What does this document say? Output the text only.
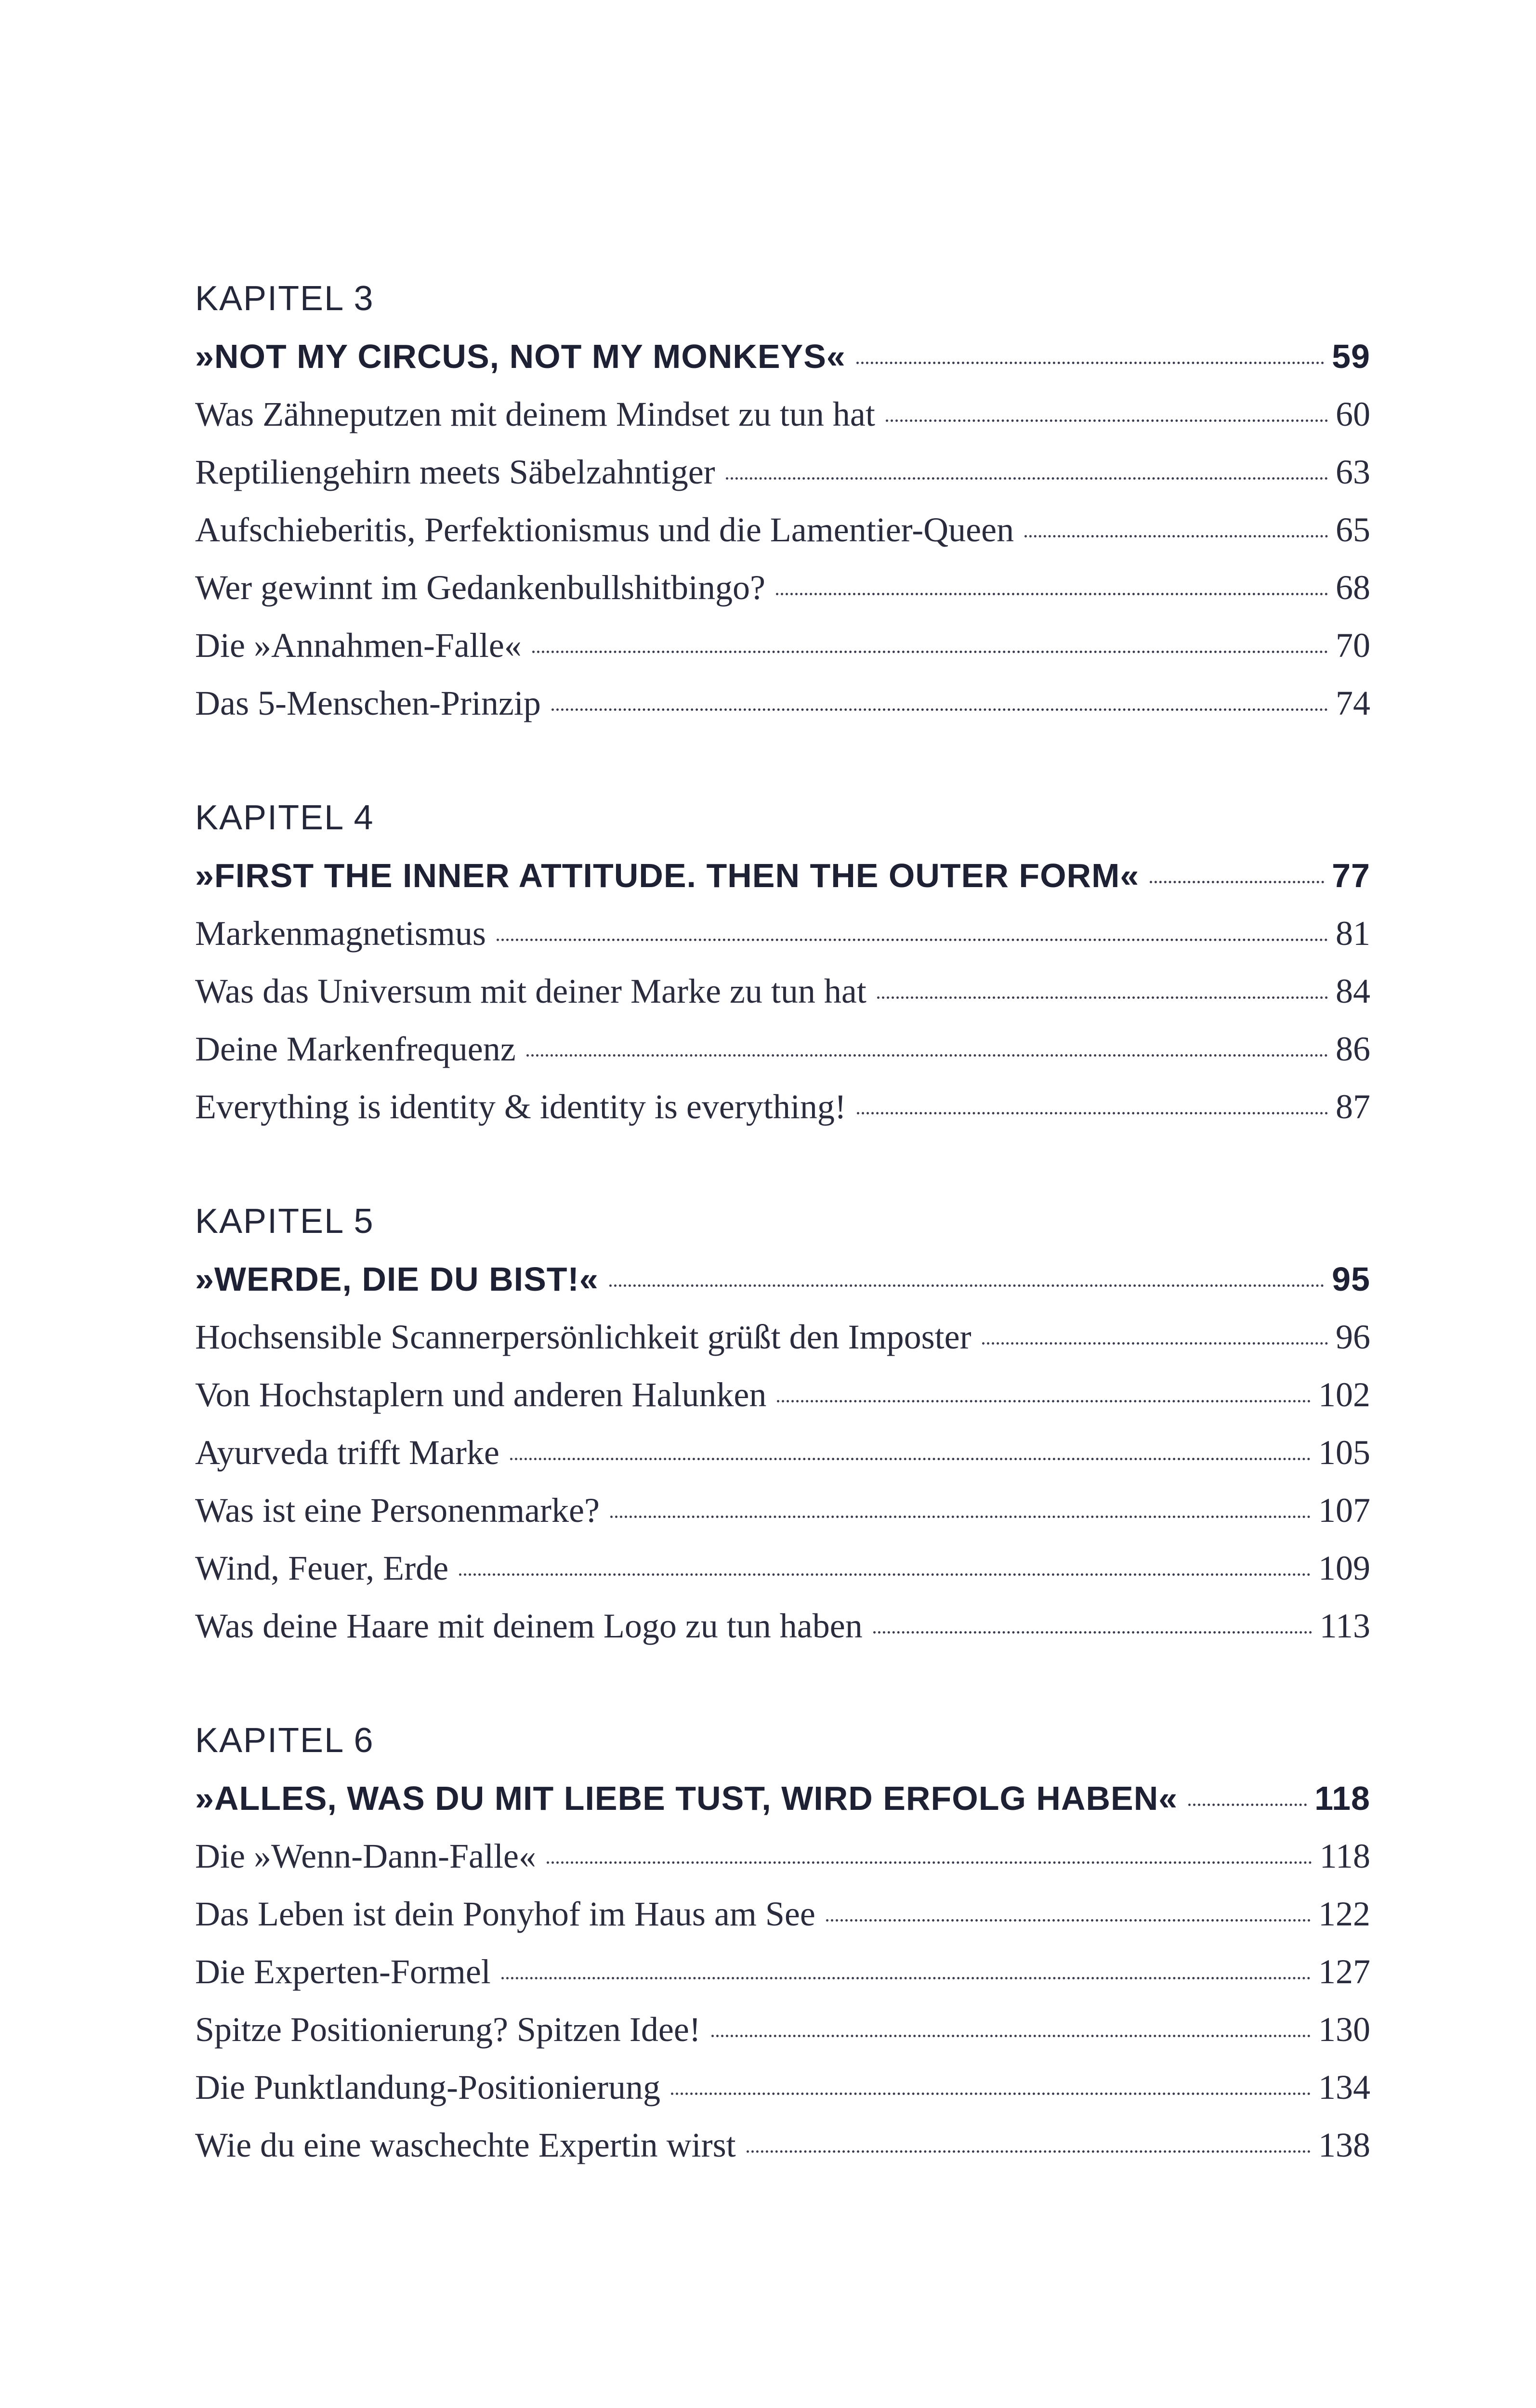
KAPITEL 3
»NOT MY CIRCUS, NOT MY MONKEYS«	59
Was Zähneputzen mit deinem Mindset zu tun hat	60
Reptiliengehirn meets Säbelzahntiger	63
Aufschieberitis, Perfektionismus und die Lamentier-Queen	65
Wer gewinnt im Gedankenbullshitbingo?	68
Die »Annahmen-Falle«	70
Das 5-Menschen-Prinzip	74
KAPITEL 4
»FIRST THE INNER ATTITUDE. THEN THE OUTER FORM«	77
Markenmagnetismus	81
Was das Universum mit deiner Marke zu tun hat	84
Deine Markenfrequenz	86
Everything is identity & identity is everything!	87
KAPITEL 5
»WERDE, DIE DU BIST!«	95
Hochsensible Scannerpersönlichkeit grüßt den Imposter	96
Von Hochstaplern und anderen Halunken	102
Ayurveda trifft Marke	105
Was ist eine Personenmarke?	107
Wind, Feuer, Erde	109
Was deine Haare mit deinem Logo zu tun haben	113
KAPITEL 6
»ALLES, WAS DU MIT LIEBE TUST, WIRD ERFOLG HABEN«	118
Die »Wenn-Dann-Falle«	118
Das Leben ist dein Ponyhof im Haus am See	122
Die Experten-Formel	127
Spitze Positionierung? Spitzen Idee!	130
Die Punktlandung-Positionierung	134
Wie du eine waschechte Expertin wirst	138
